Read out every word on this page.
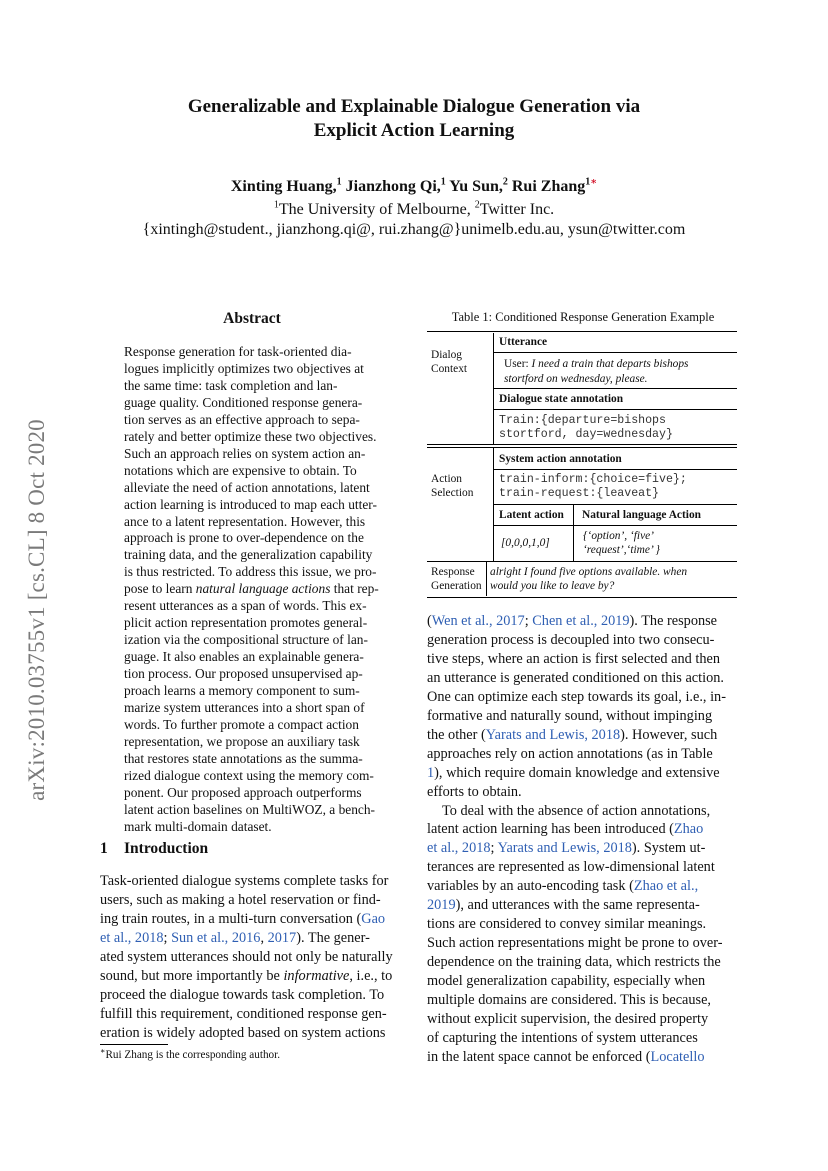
arXiv:2010.03755v1 [cs.CL] 8 Oct 2020
Generalizable and Explainable Dialogue Generation via
Explicit Action Learning
Xinting Huang,$^1$ Jianzhong Qi,$^1$ Yu Sun,$^2$ Rui Zhang$^{1∗}$
$^1$The University of Melbourne, $^2$Twitter Inc.
{xintingh@student., jianzhong.qi@, rui.zhang@}unimelb.edu.au, ysun@twitter.com
Abstract
Response generation for task-oriented dia-
logues implicitly optimizes two objectives at
the same time: task completion and lan-
guage quality. Conditioned response genera-
tion serves as an effective approach to sepa-
rately and better optimize these two objectives.
Such an approach relies on system action an-
notations which are expensive to obtain. To
alleviate the need of action annotations, latent
action learning is introduced to map each utter-
ance to a latent representation. However, this
approach is prone to over-dependence on the
training data, and the generalization capability
is thus restricted. To address this issue, we pro-
pose to learn natural language actions that rep-
resent utterances as a span of words. This ex-
plicit action representation promotes general-
ization via the compositional structure of lan-
guage. It also enables an explainable genera-
tion process. Our proposed unsupervised ap-
proach learns a memory component to sum-
marize system utterances into a short span of
words. To further promote a compact action
representation, we propose an auxiliary task
that restores state annotations as the summa-
rized dialogue context using the memory com-
ponent. Our proposed approach outperforms
latent action baselines on MultiWOZ, a bench-
mark multi-domain dataset.
1 Introduction
Task-oriented dialogue systems complete tasks for
users, such as making a hotel reservation or find-
ing train routes, in a multi-turn conversation (Gao
et al., 2018; Sun et al., 2016, 2017). The gener-
ated system utterances should not only be naturally
sound, but more importantly be informative, i.e., to
proceed the dialogue towards task completion. To
fulfill this requirement, conditioned response gen-
eration is widely adopted based on system actions
∗Rui Zhang is the corresponding author.
Table 1: Conditioned Response Generation Example
Dialog
Context
Utterance
User: I need a train that departs bishops
stortford on wednesday, please.
Dialogue state annotation
Train:{departure=bishops
stortford, day=wednesday}
Action
Selection
System action annotation
train-inform:{choice=five};
train-request:{leaveat}
Latent action Natural language Action
[0,0,0,1,0]
{‘option’, ‘five’
‘request’,‘time’ }
Response
Generation
alright I found five options available. when
would you like to leave by?
(Wen et al., 2017; Chen et al., 2019). The response
generation process is decoupled into two consecu-
tive steps, where an action is first selected and then
an utterance is generated conditioned on this action.
One can optimize each step towards its goal, i.e., in-
formative and naturally sound, without impinging
the other (Yarats and Lewis, 2018). However, such
approaches rely on action annotations (as in Table
1), which require domain knowledge and extensive
efforts to obtain.
To deal with the absence of action annotations,
latent action learning has been introduced (Zhao
et al., 2018; Yarats and Lewis, 2018). System ut-
terances are represented as low-dimensional latent
variables by an auto-encoding task (Zhao et al.,
2019), and utterances with the same representa-
tions are considered to convey similar meanings.
Such action representations might be prone to over-
dependence on the training data, which restricts the
model generalization capability, especially when
multiple domains are considered. This is because,
without explicit supervision, the desired property
of capturing the intentions of system utterances
in the latent space cannot be enforced (Locatello
